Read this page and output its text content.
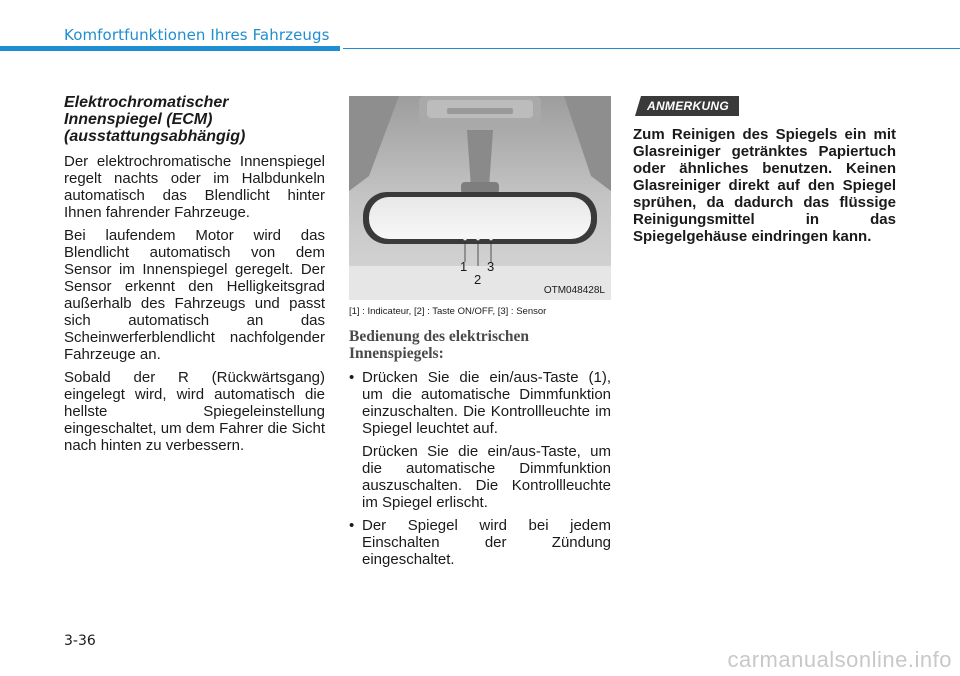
Komfortfunktionen Ihres Fahrzeugs
Elektrochromatischer
Innenspiegel (ECM)
(ausstattungsabhängig)

Der elektrochromatische Innenspiegel regelt nachts oder im Halbdunkeln automatisch das Blendlicht hinter Ihnen fahrender Fahrzeuge.

Bei laufendem Motor wird das Blendlicht automatisch von dem Sensor im Innenspiegel geregelt. Der Sensor erkennt den Helligkeitsgrad außerhalb des Fahrzeugs und passt sich automatisch an das Scheinwerferblendlicht nachfolgender Fahrzeuge an.

Sobald der R (Rückwärtsgang) eingelegt wird, wird automatisch die hellste Spiegeleinstellung eingeschaltet, um dem Fahrer die Sicht nach hinten zu verbessern.

1
2
3
OTM048428L
[1] : Indicateur, [2] : Taste ON/OFF, [3] : Sensor
Bedienung des elektrischen
Innenspiegels:
• Drücken Sie die ein/aus-Taste (1), um die automatische Dimmfunktion einzuschalten. Die Kontrollleuchte im Spiegel leuchtet auf.
Drücken Sie die ein/aus-Taste, um die automatische Dimmfunktion auszuschalten. Die Kontrollleuchte im Spiegel erlischt.
• Der Spiegel wird bei jedem Einschalten der Zündung eingeschaltet.
ANMERKUNG

Zum Reinigen des Spiegels ein mit Glasreiniger getränktes Papiertuch oder ähnliches benutzen. Keinen Glasreiniger direkt auf den Spiegel sprühen, da dadurch das flüssige Reinigungsmittel in das Spiegelgehäuse eindringen kann.

3-36
carmanualsonline.info
